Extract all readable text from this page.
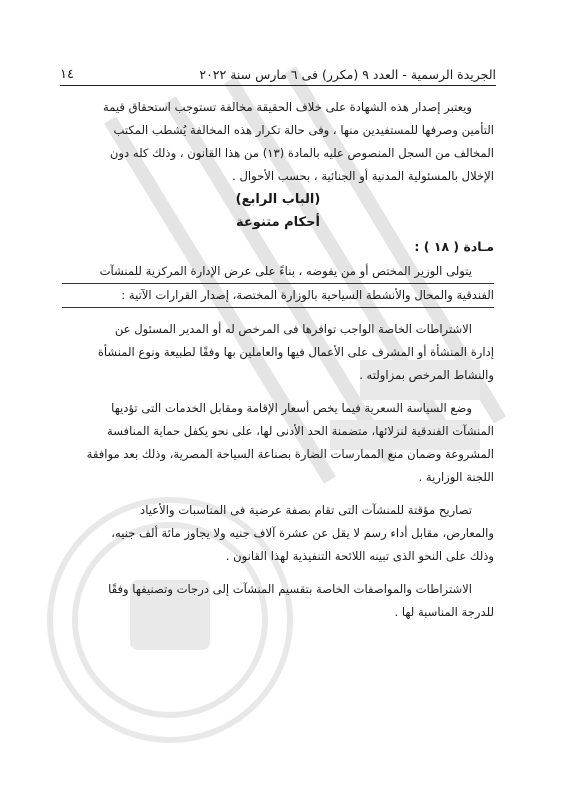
الجريدة الرسمية - العدد ٩ (مكرر) فى ٦ مارس سنة ٢٠٢٢
١٤

ويعتبر إصدار هذه الشهادة على خلاف الحقيقة مخالفة تستوجب استحقاق قيمة

التأمين وصرفها للمستفيدين منها ، وفى حالة تكرار هذه المخالفة يُشطب المكتب

المخالف من السجل المنصوص عليه بالمادة (١٣) من هذا القانون ، وذلك كله دون

الإخلال بالمسئولية المدنية أو الجنائية ، بحسب الأحوال .

(الباب الرابع)

أحكام متنوعة

مـادة ( ١٨ ) :

يتولى الوزير المختص أو من يفوضه ، بناءً على عرض الإدارة المركزية للمنشآت

الفندقية والمحال والأنشطة السياحية بالوزارة المختصة، إصدار القرارات الآتية :

الاشتراطات الخاصة الواجب توافرها فى المرخص له أو المدير المسئول عن

إدارة المنشأة أو المشرف على الأعمال فيها والعاملين بها وفقًا لطبيعة ونوع المنشأة

والنشاط المرخص بمزاولته .

وضع السياسة السعرية فيما يخص أسعار الإقامة ومقابل الخدمات التى تؤديها

المنشآت الفندقية لنزلائها، متضمنة الحد الأدنى لها، على نحو يكفل حماية المنافسة

المشروعة وضمان منع الممارسات الضارة بصناعة السياحة المصرية، وذلك بعد موافقة

اللجنة الوزارية .

تصاريح مؤقتة للمنشآت التى تقام بصفة عرضية فى المناسبات والأعياد

والمعارض، مقابل أداء رسم لا يقل عن عشرة آلاف جنيه ولا يجاوز مائة ألف جنيه،

وذلك على النحو الذى تبينه اللائحة التنفيذية لهذا القانون .

الاشتراطات والمواصفات الخاصة بتقسيم المنشآت إلى درجات وتصنيفها وفقًا

للدرجة المناسبة لها .
